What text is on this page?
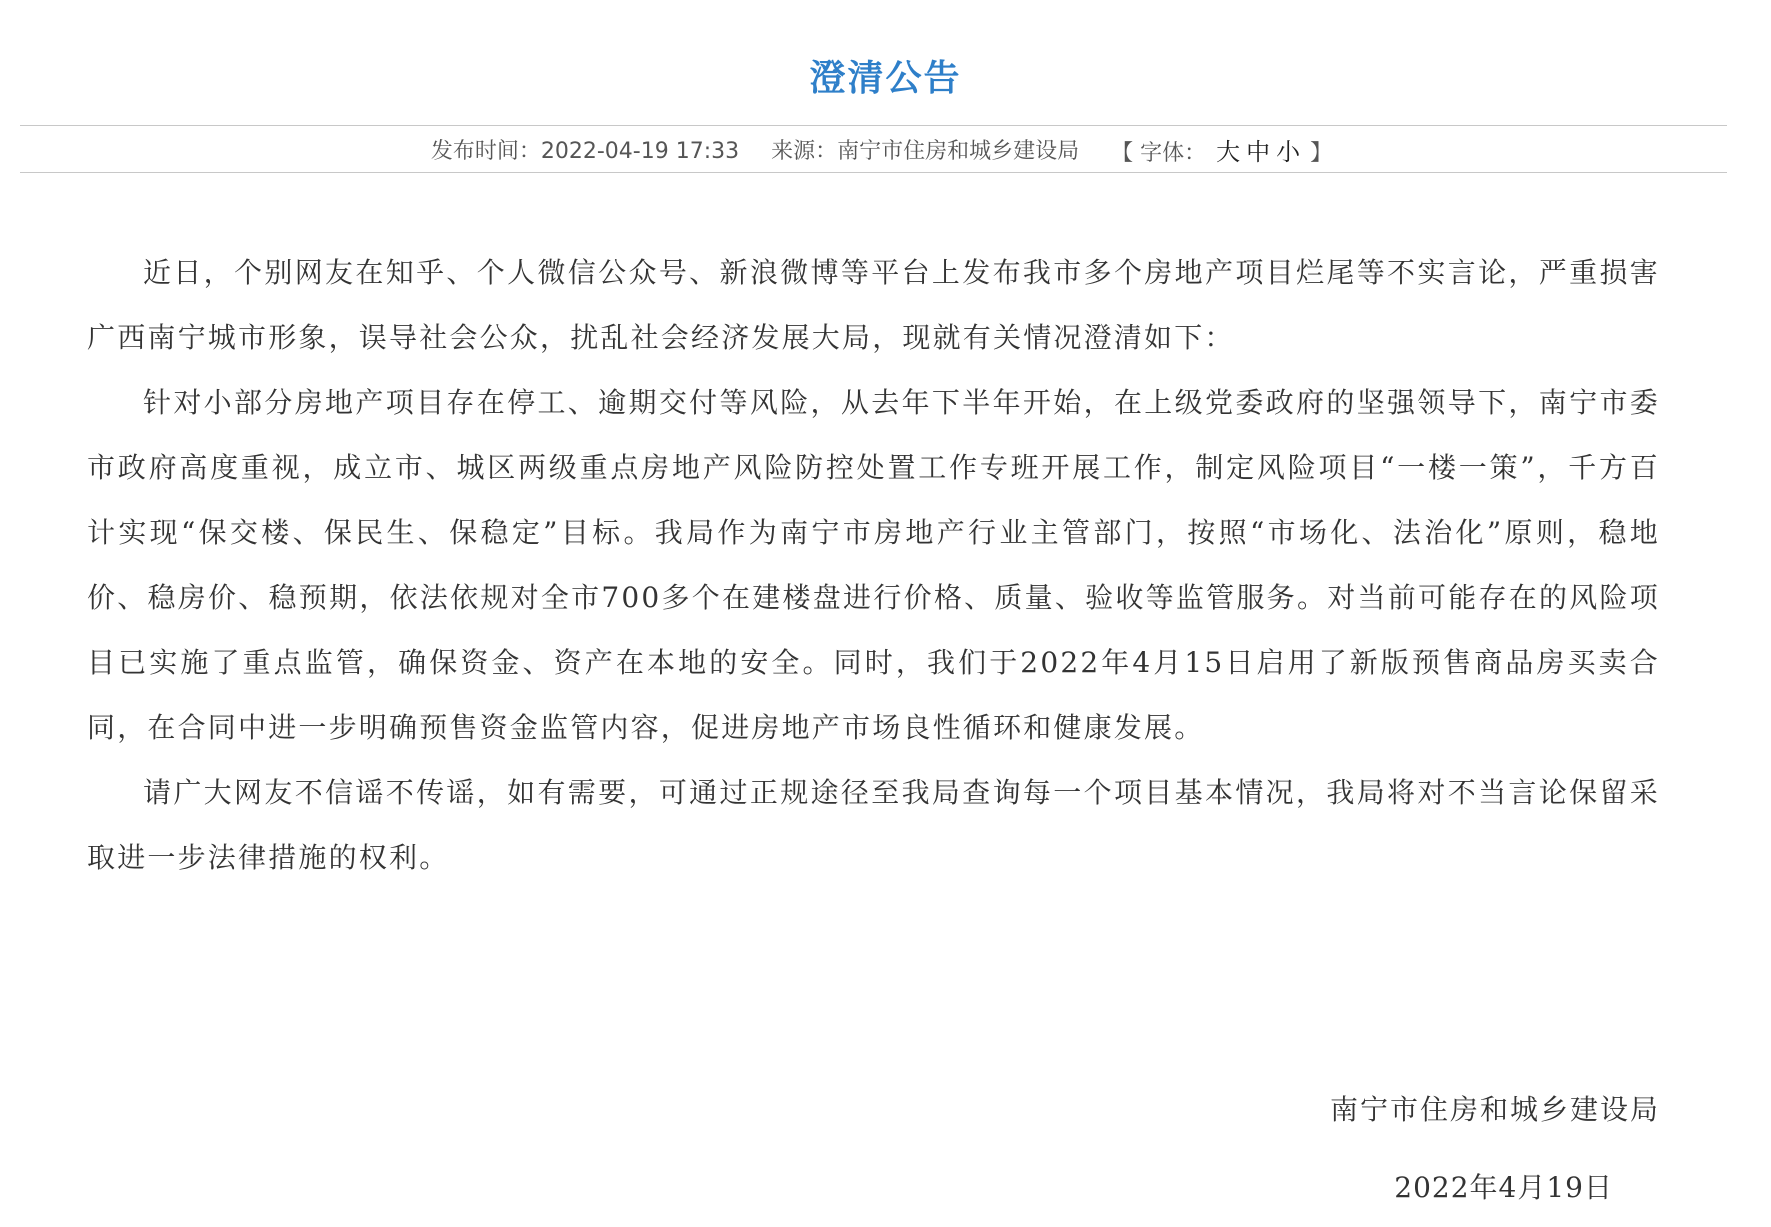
澄清公告
发布时间：2022-04-19 17:33 来源：南宁市住房和城乡建设局 【 字体： 大 中 小 】

近日，个别网友在知乎、个人微信公众号、新浪微博等平台上发布我市多个房地产项目烂尾等不实言论，严重损害广西南宁城市形象，误导社会公众，扰乱社会经济发展大局，现就有关情况澄清如下：

针对小部分房地产项目存在停工、逾期交付等风险，从去年下半年开始，在上级党委政府的坚强领导下，南宁市委市政府高度重视，成立市、城区两级重点房地产风险防控处置工作专班开展工作，制定风险项目“一楼一策”，千方百计实现“保交楼、保民生、保稳定”目标。我局作为南宁市房地产行业主管部门，按照“市场化、法治化”原则，稳地价、稳房价、稳预期，依法依规对全市700多个在建楼盘进行价格、质量、验收等监管服务。对当前可能存在的风险项目已实施了重点监管，确保资金、资产在本地的安全。同时，我们于2022年4月15日启用了新版预售商品房买卖合同，在合同中进一步明确预售资金监管内容，促进房地产市场良性循环和健康发展。

请广大网友不信谣不传谣，如有需要，可通过正规途径至我局查询每一个项目基本情况，我局将对不当言论保留采取进一步法律措施的权利。

南宁市住房和城乡建设局
2022年4月19日
